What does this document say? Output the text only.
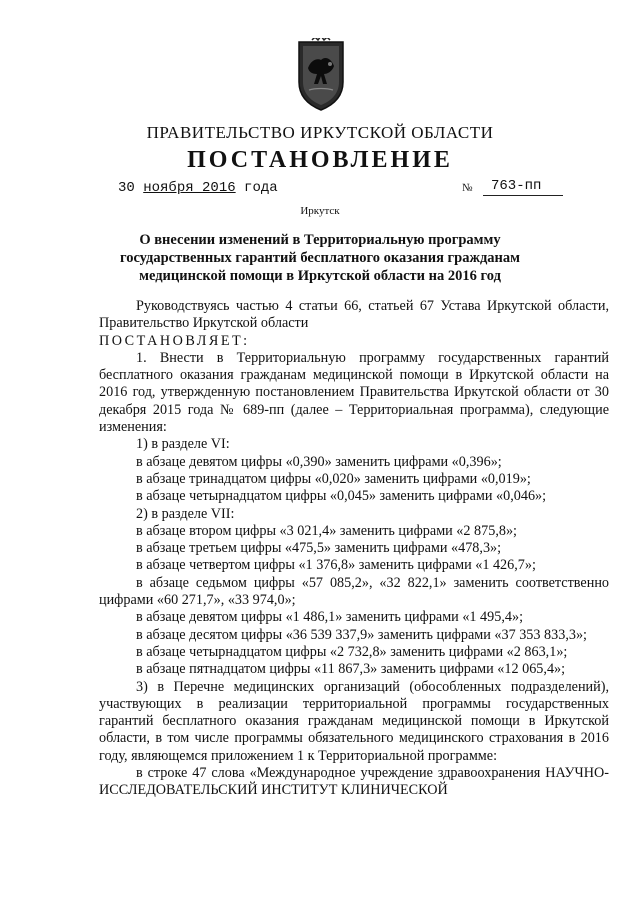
ПРАВИТЕЛЬСТВО ИРКУТСКОЙ ОБЛАСТИ
ПОСТАНОВЛЕНИЕ
30 ноября 2016 года	№	763-пп
Иркутск
О внесении изменений в Территориальную программу государственных гарантий бесплатного оказания гражданам медицинской помощи в Иркутской области на 2016 год
Руководствуясь частью 4 статьи 66, статьей 67 Устава Иркутской области, Правительство Иркутской области
ПОСТАНОВЛЯЕТ:
1. Внести в Территориальную программу государственных гарантий бесплатного оказания гражданам медицинской помощи в Иркутской области на 2016 год, утвержденную постановлением Правительства Иркутской области от 30 декабря 2015 года № 689-пп (далее – Территориальная программа), следующие изменения:
1) в разделе VI:
в абзаце девятом цифры «0,390» заменить цифрами «0,396»;
в абзаце тринадцатом цифры «0,020» заменить цифрами «0,019»;
в абзаце четырнадцатом цифры «0,045» заменить цифрами «0,046»;
2) в разделе VII:
в абзаце втором цифры «3 021,4» заменить цифрами «2 875,8»;
в абзаце третьем цифры «475,5» заменить цифрами «478,3»;
в абзаце четвертом цифры «1 376,8» заменить цифрами «1 426,7»;
в абзаце седьмом цифры «57 085,2», «32 822,1» заменить соответственно цифрами «60 271,7», «33 974,0»;
в абзаце девятом цифры «1 486,1» заменить цифрами «1 495,4»;
в абзаце десятом цифры «36 539 337,9» заменить цифрами «37 353 833,3»;
в абзаце четырнадцатом цифры «2 732,8» заменить цифрами «2 863,1»;
в абзаце пятнадцатом цифры «11 867,3» заменить цифрами «12 065,4»;
3) в Перечне медицинских организаций (обособленных подразделений), участвующих в реализации территориальной программы государственных гарантий бесплатного оказания гражданам медицинской помощи в Иркутской области, в том числе программы обязательного медицинского страхования в 2016 году, являющемся приложением 1 к Территориальной программе:
в строке 47 слова «Международное учреждение здравоохранения НАУЧНО-ИССЛЕДОВАТЕЛЬСКИЙ ИНСТИТУТ КЛИНИЧЕСКОЙ
